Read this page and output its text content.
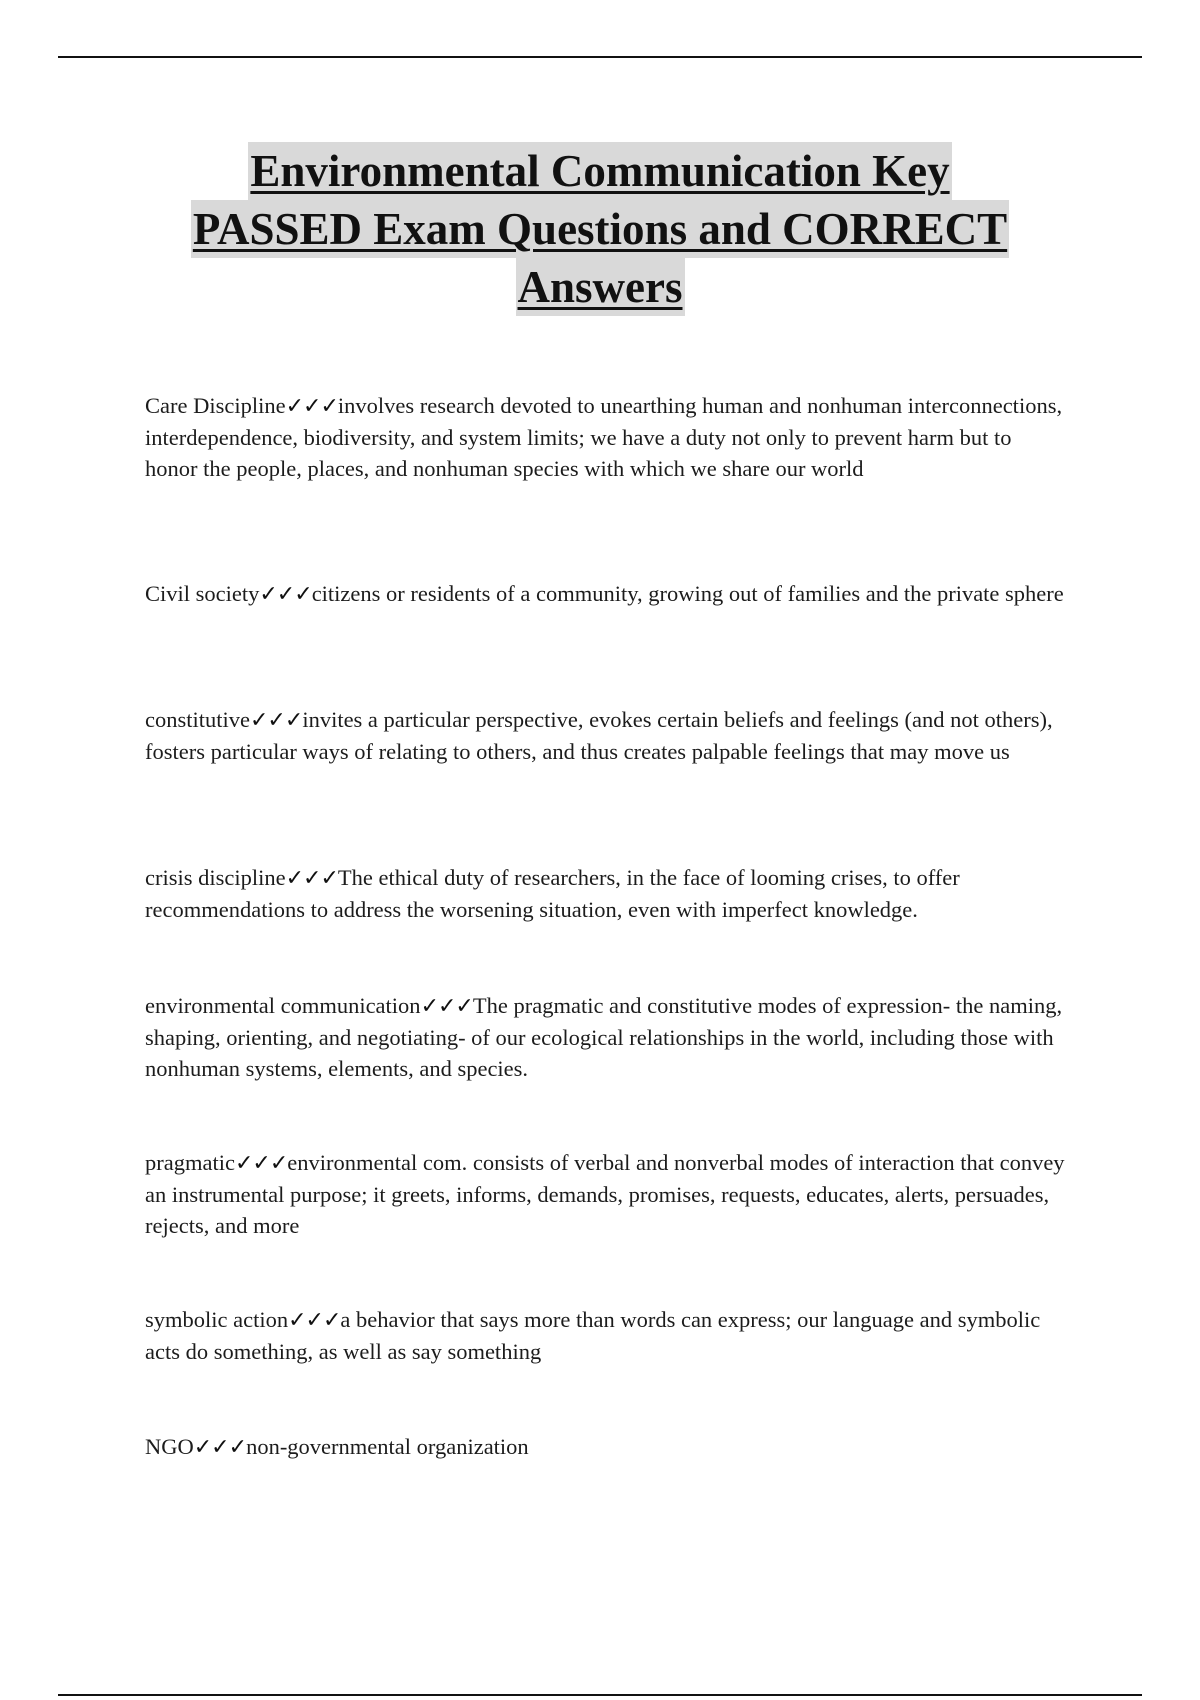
Environmental Communication Key
PASSED Exam Questions and CORRECT
Answers
Care Discipline✓✓✓involves research devoted to unearthing human and nonhuman interconnections, interdependence, biodiversity, and system limits; we have a duty not only to prevent harm but to honor the people, places, and nonhuman species with which we share our world
Civil society✓✓✓citizens or residents of a community, growing out of families and the private sphere
constitutive✓✓✓invites a particular perspective, evokes certain beliefs and feelings (and not others), fosters particular ways of relating to others, and thus creates palpable feelings that may move us
crisis discipline✓✓✓The ethical duty of researchers, in the face of looming crises, to offer recommendations to address the worsening situation, even with imperfect knowledge.
environmental communication✓✓✓The pragmatic and constitutive modes of expression- the naming, shaping, orienting, and negotiating- of our ecological relationships in the world, including those with nonhuman systems, elements, and species.
pragmatic✓✓✓environmental com. consists of verbal and nonverbal modes of interaction that convey an instrumental purpose; it greets, informs, demands, promises, requests, educates, alerts, persuades, rejects, and more
symbolic action✓✓✓a behavior that says more than words can express; our language and symbolic acts do something, as well as say something
NGO✓✓✓non-governmental organization
